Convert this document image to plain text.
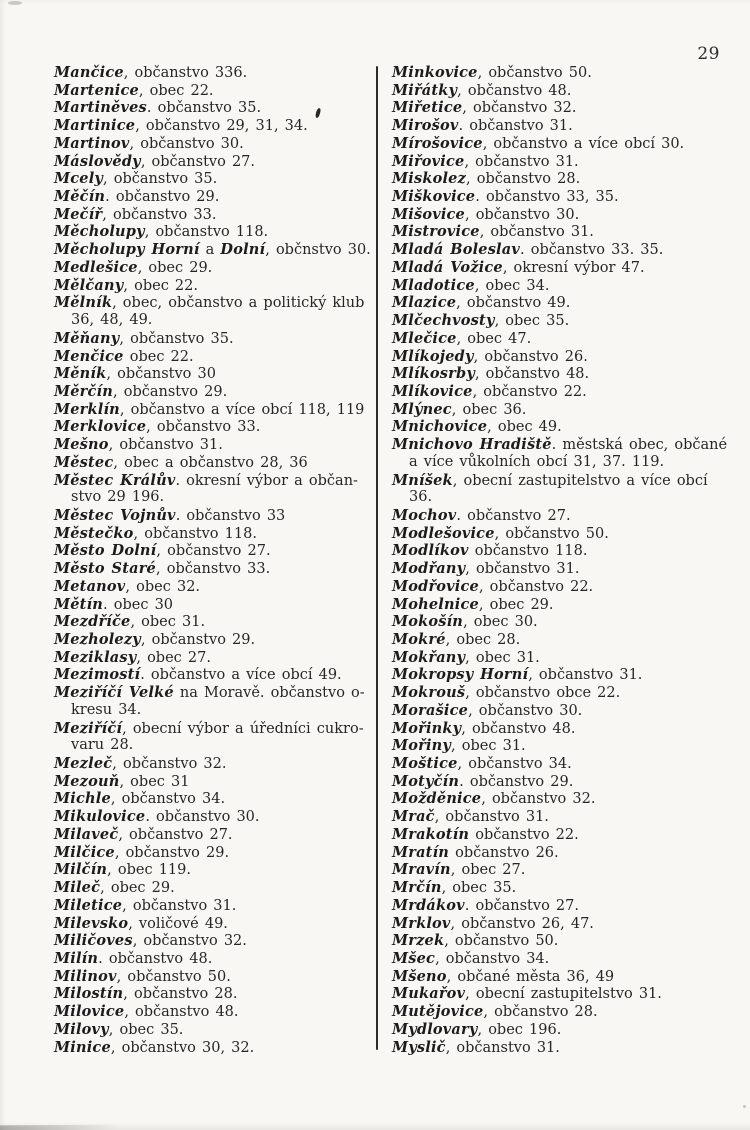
29
Mančice, občanstvo 336.
Martenice, obec 22.
Martiněves. občanstvo 35.
Martinice, občanstvo 29, 31, 34.
Martinov, občanstvo 30.
Máslovědy, občanstvo 27.
Mcely, občanstvo 35.
Měčín. občanstvo 29.
Mečíř, občanstvo 33.
Měcholupy, občanstvo 118.
Měcholupy Horní a Dolní, občnstvo 30.
Medlešice, obec 29.
Mělčany, obec 22.
Mělník, obec, občanstvo a politický klub
36, 48, 49.
Měňany, občanstvo 35.
Menčice obec 22.
Měník, občanstvo 30
Měrčín, občanstvo 29.
Merklín, občanstvo a více obcí 118, 119
Merklovice, občanstvo 33.
Mešno, občanstvo 31.
Městec, obec a občanstvo 28, 36
Městec Králův. okresní výbor a občan-
stvo 29 196.
Městec Vojnův. občanstvo 33
Městečko, občanstvo 118.
Město Dolní, občanstvo 27.
Město Staré, občanstvo 33.
Metanov, obec 32.
Mětín. obec 30
Mezdříče, obec 31.
Mezholezy, občanstvo 29.
Meziklasy, obec 27.
Mezimostí. občanstvo a více obcí 49.
Meziříčí Velké na Moravě. občanstvo o-
kresu 34.
Meziříčí, obecní výbor a úředníci cukro-
varu 28.
Mezleč, občanstvo 32.
Mezouň, obec 31
Michle, občanstvo 34.
Mikulovice. občanstvo 30.
Milaveč, občanstvo 27.
Milčice, občanstvo 29.
Milčín, obec 119.
Mileč, obec 29.
Miletice, občanstvo 31.
Milevsko, voličové 49.
Miličoves, občanstvo 32.
Milín. občanstvo 48.
Milinov, občanstvo 50.
Milostín, občanstvo 28.
Milovice, občanstvo 48.
Milovy, obec 35.
Minice, občanstvo 30, 32.
Minkovice, občanstvo 50.
Miřátky, občanstvo 48.
Miřetice, občanstvo 32.
Mirošov. občanstvo 31.
Mírošovice, občanstvo a více obcí 30.
Miřovice, občanstvo 31.
Miskolez, občanstvo 28.
Miškovice. občanstvo 33, 35.
Mišovice, občanstvo 30.
Mistrovice, občanstvo 31.
Mladá Boleslav. občanstvo 33. 35.
Mladá Vožice, okresní výbor 47.
Mladotice, obec 34.
Mlazice, občanstvo 49.
Mlčechvosty, obec 35.
Mlečice, obec 47.
Mlíkojedy, občanstvo 26.
Mlíkosrby, občanstvo 48.
Mlíkovice, občanstvo 22.
Mlýnec, obec 36.
Mnichovice, obec 49.
Mnichovo Hradiště. městská obec, občané
a více vůkolních obcí 31, 37. 119.
Mníšek, obecní zastupitelstvo a více obcí
36.
Mochov. občanstvo 27.
Modlešovice, občanstvo 50.
Modlíkov občanstvo 118.
Modřany, občanstvo 31.
Modřovice, občanstvo 22.
Mohelnice, obec 29.
Mokošín, obec 30.
Mokré, obec 28.
Mokřany, obec 31.
Mokropsy Horní, občanstvo 31.
Mokrouš, občanstvo obce 22.
Morašice, občanstvo 30.
Mořinky, občanstvo 48.
Mořiny, obec 31.
Moštice, občanstvo 34.
Motyčín. občanstvo 29.
Možděnice, občanstvo 32.
Mrač, občanstvo 31.
Mrakotín občanstvo 22.
Mratín občanstvo 26.
Mravín, obec 27.
Mrčín, obec 35.
Mrdákov. občanstvo 27.
Mrklov, občanstvo 26, 47.
Mrzek, občanstvo 50.
Mšec, občanstvo 34.
Mšeno, občané města 36, 49
Mukařov, obecní zastupitelstvo 31.
Mutějovice, občanstvo 28.
Mydlovary, obec 196.
Myslič, občanstvo 31.
